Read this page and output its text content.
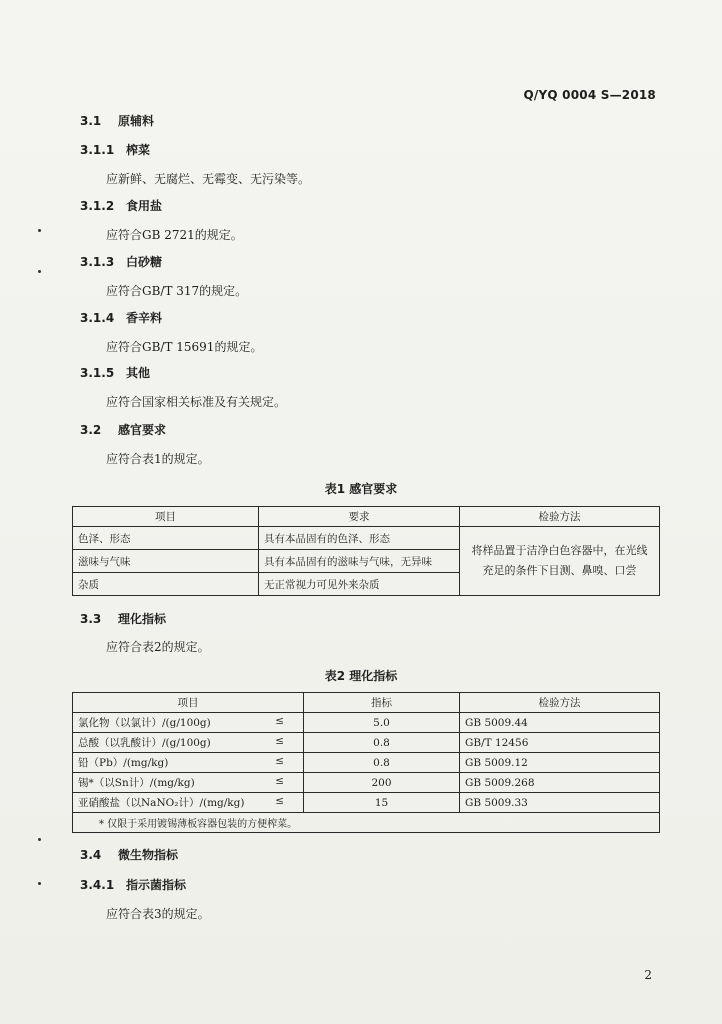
Q/YQ 0004 S—2018
3.1 原辅料
3.1.1 榨菜
应新鲜、无腐烂、无霉变、无污染等。
3.1.2 食用盐
应符合GB 2721的规定。
3.1.3 白砂糖
应符合GB/T 317的规定。
3.1.4 香辛料
应符合GB/T 15691的规定。
3.1.5 其他
应符合国家相关标准及有关规定。
3.2 感官要求
应符合表1的规定。
表1 感官要求
项目	要求	检验方法
色泽、形态	具有本品固有的色泽、形态	将样品置于洁净白色容器中，在光线充足的条件下目测、鼻嗅、口尝
滋味与气味	具有本品固有的滋味与气味，无异味	
杂质	无正常视力可见外来杂质	
3.3 理化指标
应符合表2的规定。
表2 理化指标
项目	指标	检验方法
氯化物（以氯计）/(g/100g) ≤	5.0	GB 5009.44
总酸（以乳酸计）/(g/100g) ≤	0.8	GB/T 12456
铅（Pb）/(mg/kg) ≤	0.8	GB 5009.12
锡*（以Sn计）/(mg/kg) ≤	200	GB 5009.268
亚硝酸盐（以NaNO₂计）/(mg/kg) ≤	15	GB 5009.33
* 仅限于采用镀锡薄板容器包装的方便榨菜。		
3.4 微生物指标
3.4.1 指示菌指标
应符合表3的规定。
2
